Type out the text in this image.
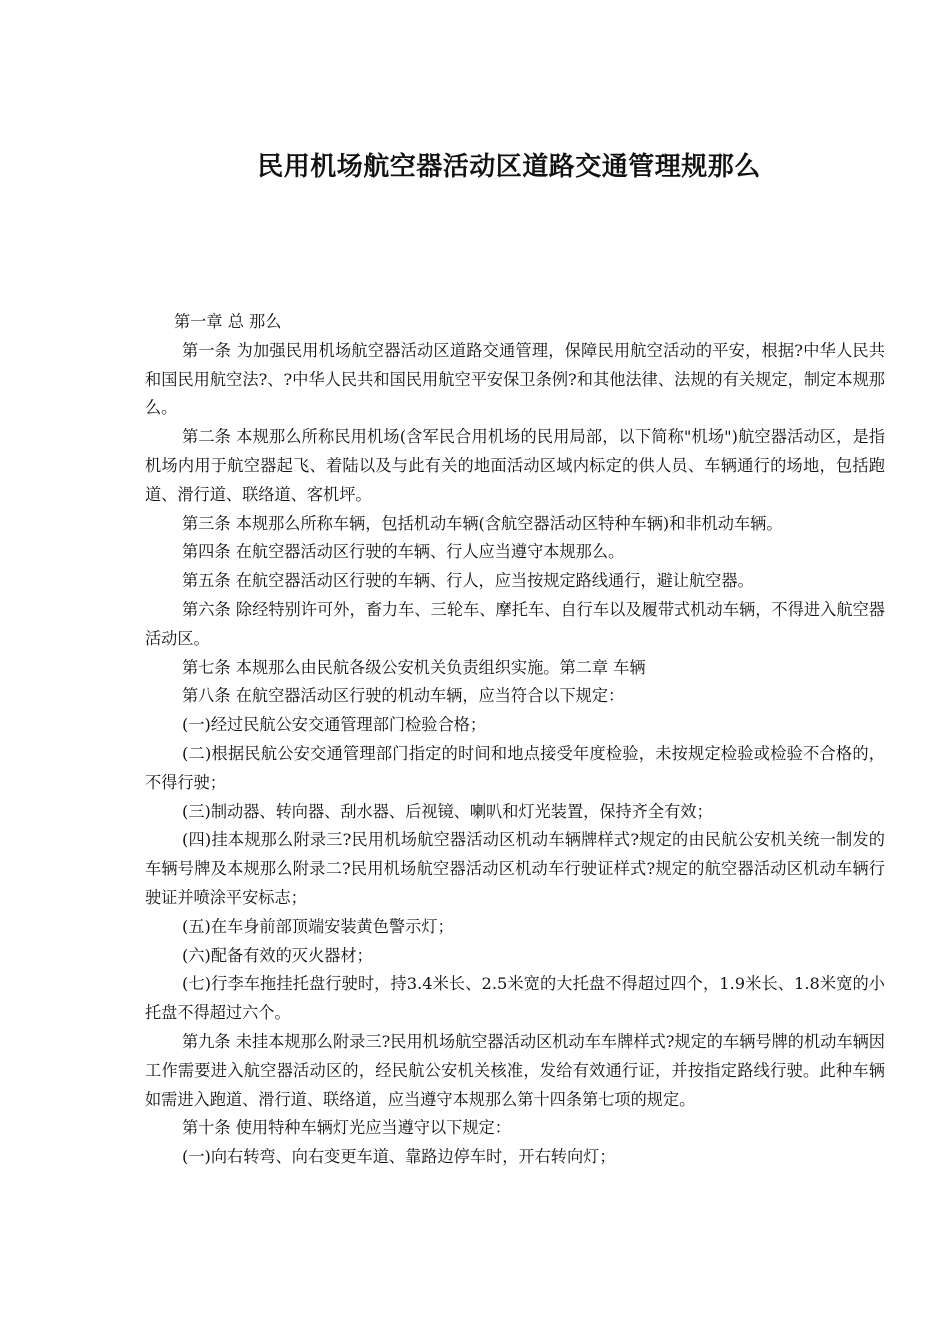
民用机场航空器活动区道路交通管理规那么

第一章 总 那么

第一条 为加强民用机场航空器活动区道路交通管理，保障民用航空活动的平安，根据?中华人民共和国民用航空法?、?中华人民共和国民用航空平安保卫条例?和其他法律、法规的有关规定，制定本规那么。

第二条 本规那么所称民用机场(含军民合用机场的民用局部，以下简称"机场")航空器活动区，是指机场内用于航空器起飞、着陆以及与此有关的地面活动区域内标定的供人员、车辆通行的场地，包括跑道、滑行道、联络道、客机坪。

第三条 本规那么所称车辆，包括机动车辆(含航空器活动区特种车辆)和非机动车辆。

第四条 在航空器活动区行驶的车辆、行人应当遵守本规那么。

第五条 在航空器活动区行驶的车辆、行人，应当按规定路线通行，避让航空器。

第六条 除经特别许可外，畜力车、三轮车、摩托车、自行车以及履带式机动车辆，不得进入航空器活动区。

第七条 本规那么由民航各级公安机关负责组织实施。第二章 车辆

第八条 在航空器活动区行驶的机动车辆，应当符合以下规定：

(一)经过民航公安交通管理部门检验合格；

(二)根据民航公安交通管理部门指定的时间和地点接受年度检验，未按规定检验或检验不合格的，不得行驶；

(三)制动器、转向器、刮水器、后视镜、喇叭和灯光装置，保持齐全有效；

(四)挂本规那么附录三?民用机场航空器活动区机动车辆牌样式?规定的由民航公安机关统一制发的车辆号牌及本规那么附录二?民用机场航空器活动区机动车行驶证样式?规定的航空器活动区机动车辆行驶证并喷涂平安标志；

(五)在车身前部顶端安装黄色警示灯；

(六)配备有效的灭火器材；

(七)行李车拖挂托盘行驶时，持3.4米长、2.5米宽的大托盘不得超过四个，1.9米长、1.8米宽的小托盘不得超过六个。

第九条 未挂本规那么附录三?民用机场航空器活动区机动车车牌样式?规定的车辆号牌的机动车辆因工作需要进入航空器活动区的，经民航公安机关核准，发给有效通行证，并按指定路线行驶。此种车辆如需进入跑道、滑行道、联络道，应当遵守本规那么第十四条第七项的规定。

第十条 使用特种车辆灯光应当遵守以下规定：

(一)向右转弯、向右变更车道、靠路边停车时，开右转向灯；
